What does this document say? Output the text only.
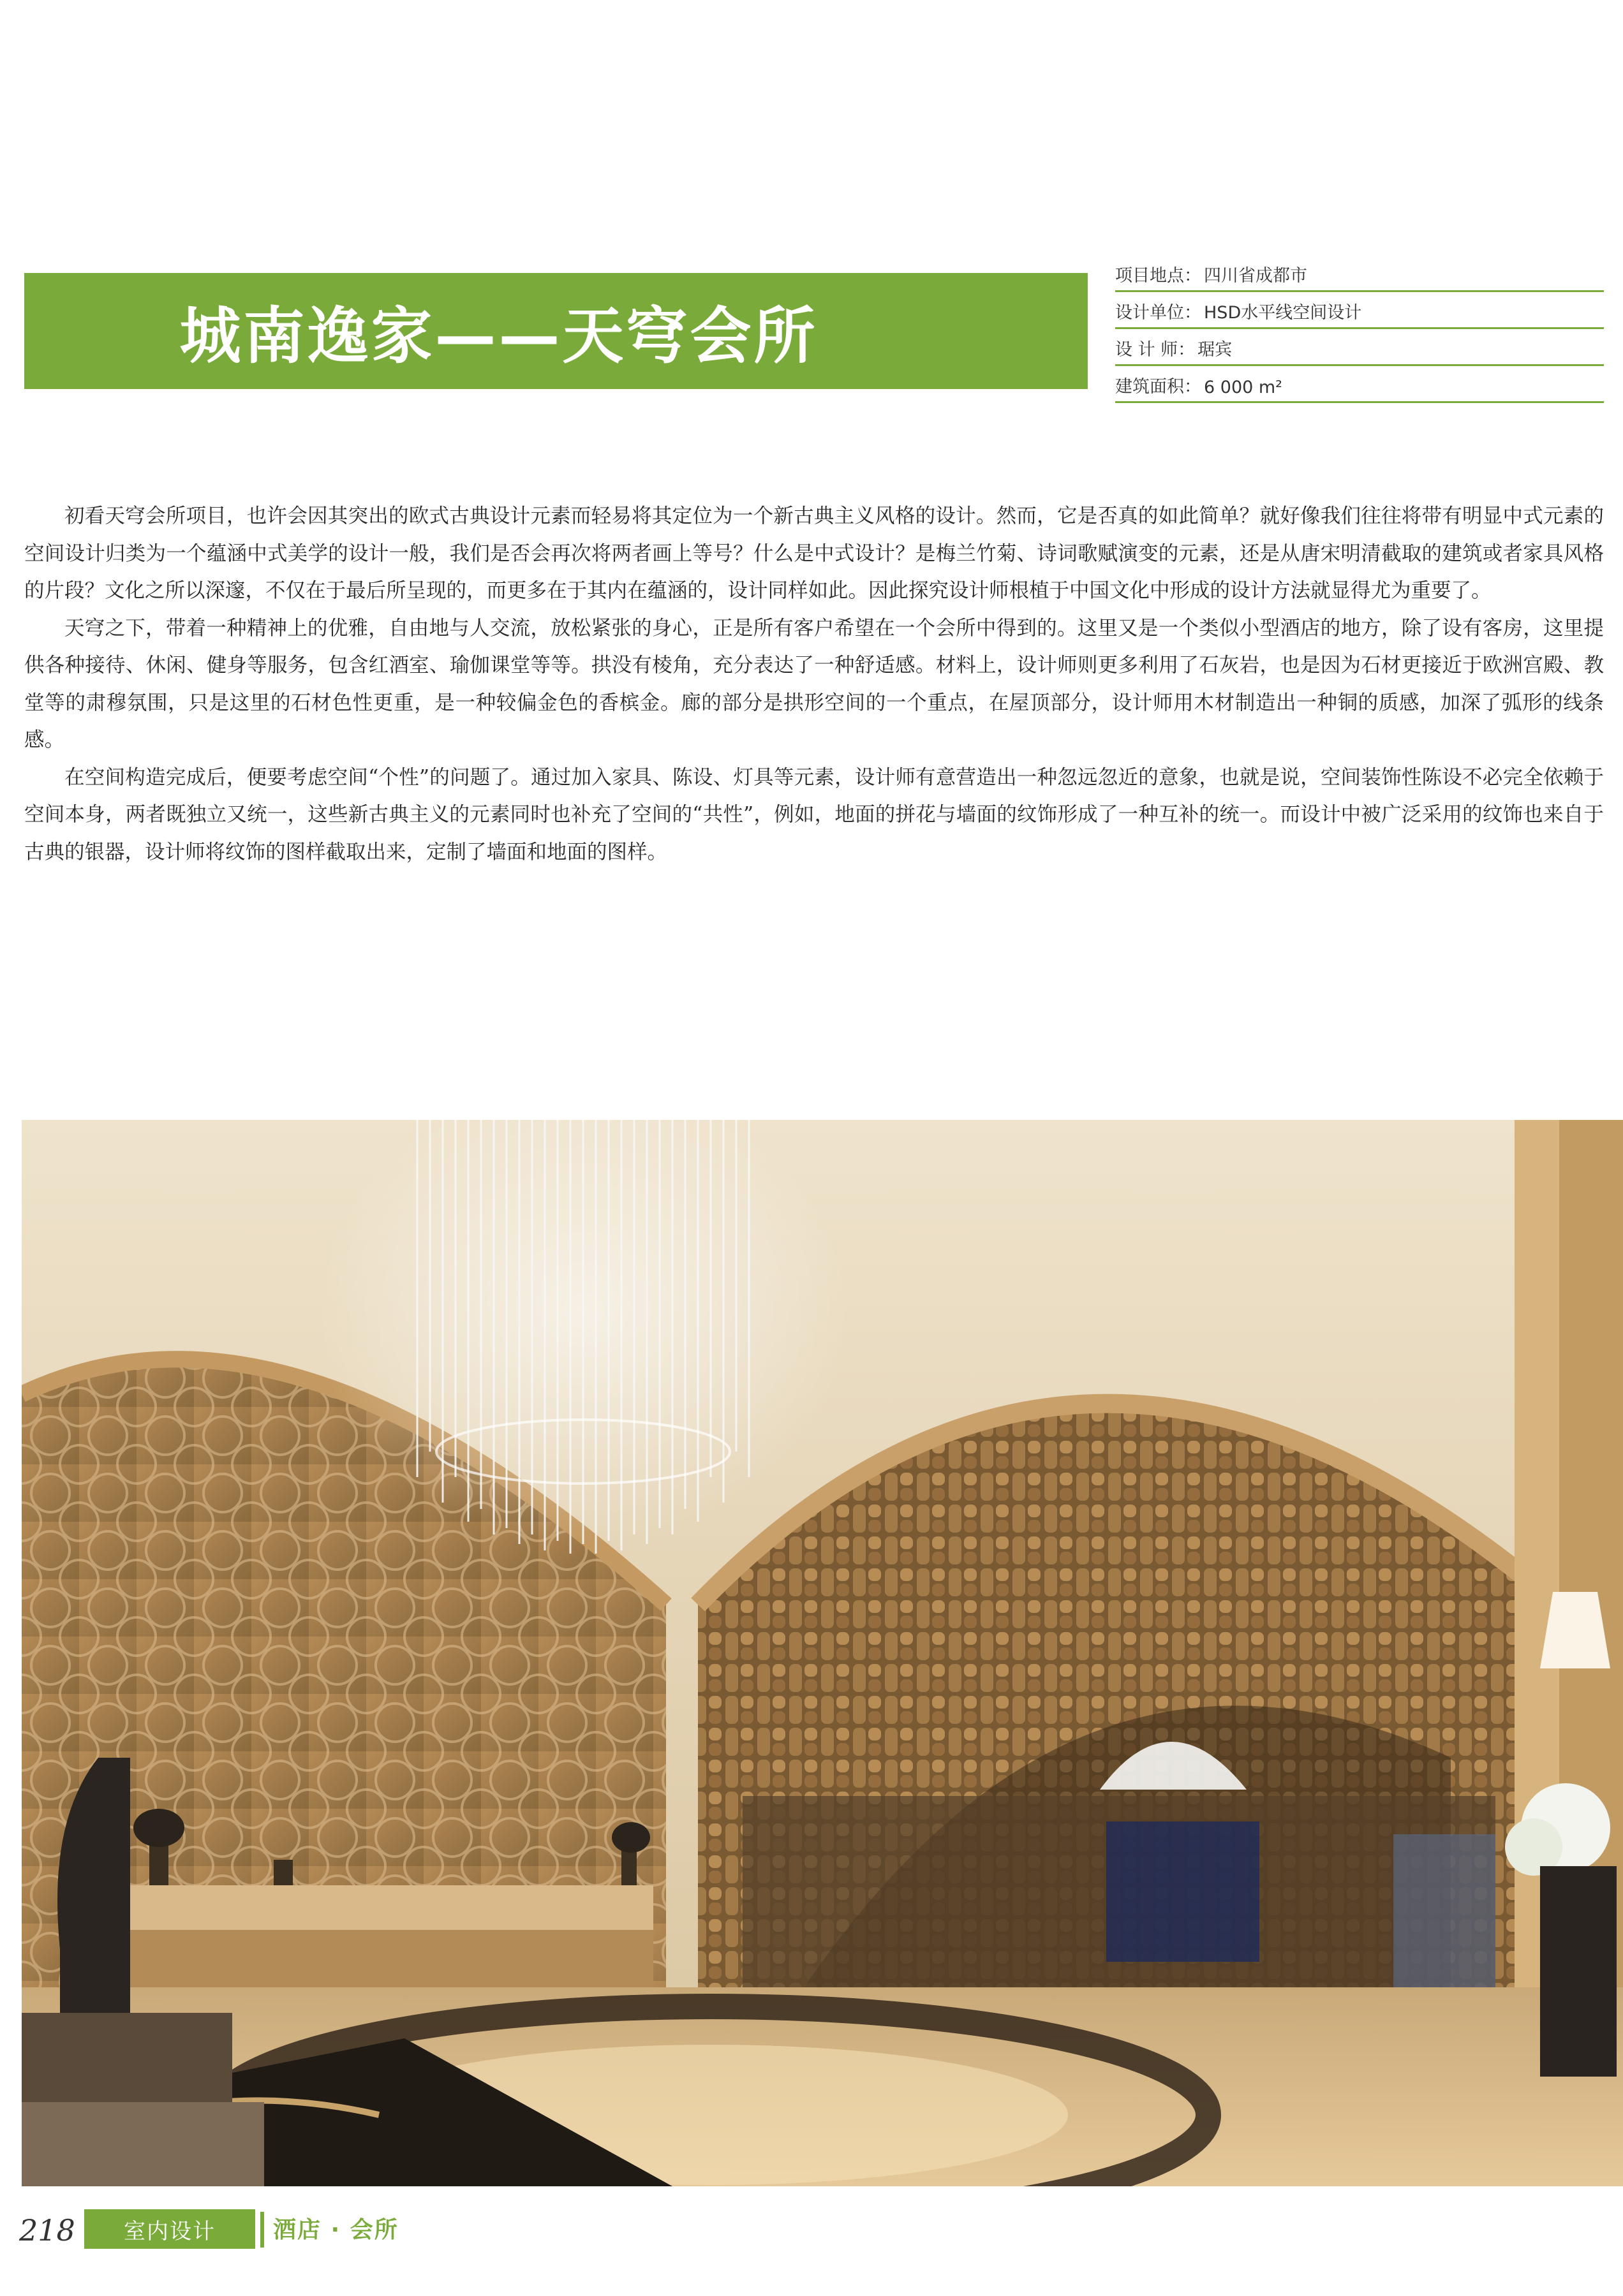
城南逸家——天穹会所
项目地点： 四川省成都市
设计单位： HSD水平线空间设计
设 计 师： 琚宾
建筑面积： 6 000 m²

初看天穹会所项目，也许会因其突出的欧式古典设计元素而轻易将其定位为一个新古典主义风格的设计。然而，它是否真的如此简单？就好像我们往往将带有明显中式元素的空间设计归类为一个蕴涵中式美学的设计一般，我们是否会再次将两者画上等号？什么是中式设计？是梅兰竹菊、诗词歌赋演变的元素，还是从唐宋明清截取的建筑或者家具风格的片段？文化之所以深邃，不仅在于最后所呈现的，而更多在于其内在蕴涵的，设计同样如此。因此探究设计师根植于中国文化中形成的设计方法就显得尤为重要了。

天穹之下，带着一种精神上的优雅，自由地与人交流，放松紧张的身心，正是所有客户希望在一个会所中得到的。这里又是一个类似小型酒店的地方，除了设有客房，这里提供各种接待、休闲、健身等服务，包含红酒室、瑜伽课堂等等。拱没有棱角，充分表达了一种舒适感。材料上，设计师则更多利用了石灰岩，也是因为石材更接近于欧洲宫殿、教堂等的肃穆氛围，只是这里的石材色性更重，是一种较偏金色的香槟金。廊的部分是拱形空间的一个重点，在屋顶部分，设计师用木材制造出一种铜的质感，加深了弧形的线条感。

在空间构造完成后，便要考虑空间“个性”的问题了。通过加入家具、陈设、灯具等元素，设计师有意营造出一种忽远忽近的意象，也就是说，空间装饰性陈设不必完全依赖于空间本身，两者既独立又统一，这些新古典主义的元素同时也补充了空间的“共性”，例如，地面的拼花与墙面的纹饰形成了一种互补的统一。而设计中被广泛采用的纹饰也来自于古典的银器，设计师将纹饰的图样截取出来，定制了墙面和地面的图样。

218	室内设计	酒店 · 会所
